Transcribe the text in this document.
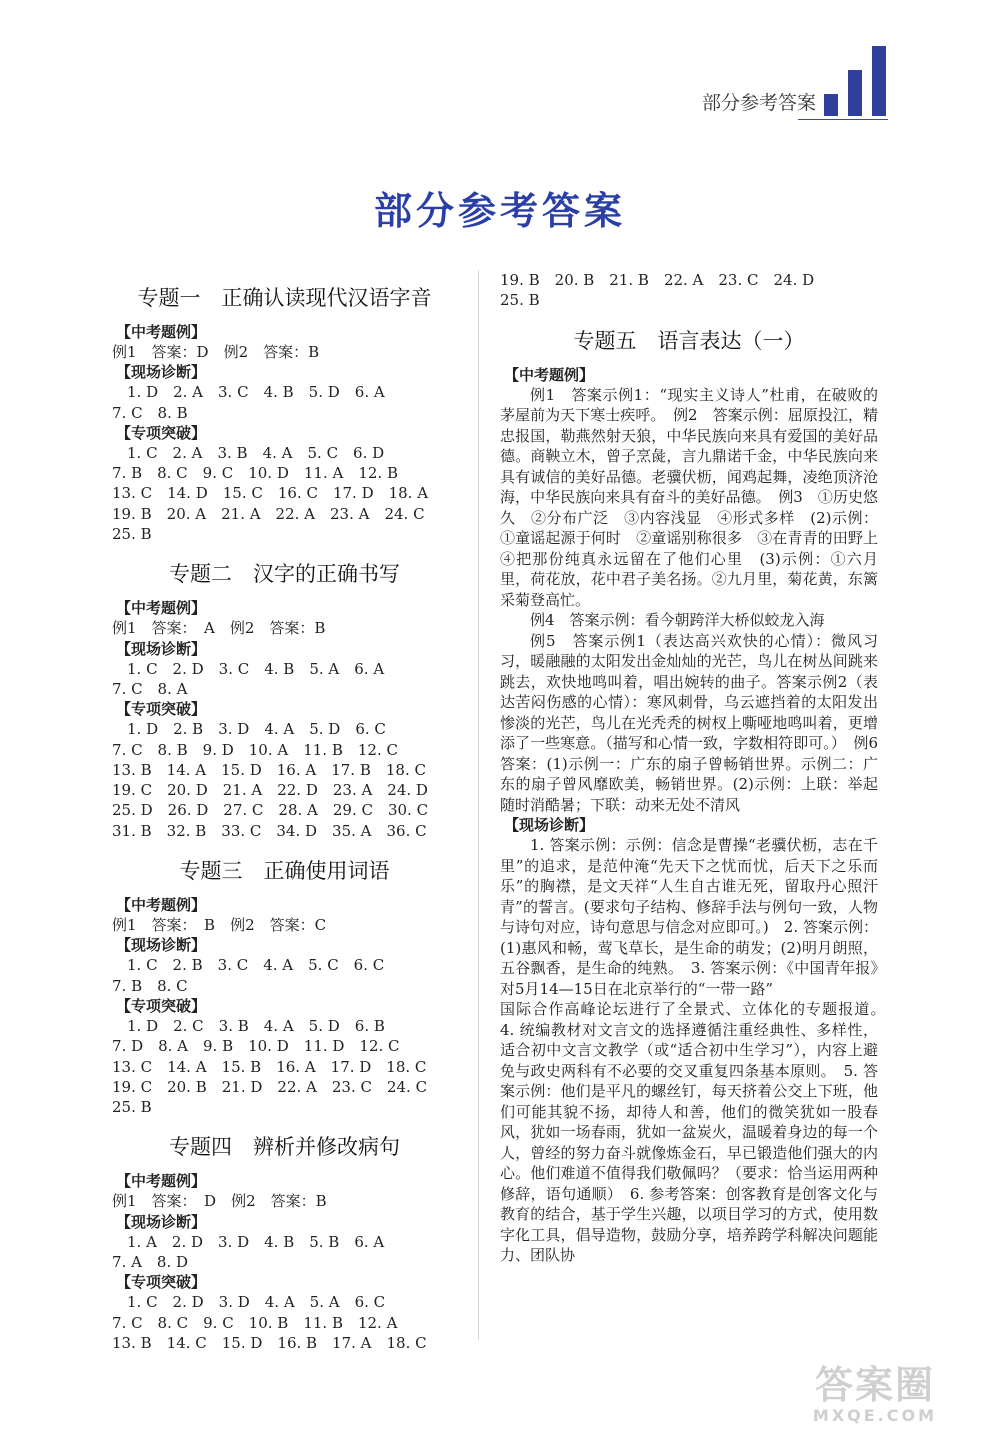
部分参考答案
部分参考答案
专题一　正确认读现代汉语字音
【中考题例】
例1　答案：D　例2　答案：B
【现场诊断】
　1. D　2. A　3. C　4. B　5. D　6. A
7. C　8. B
【专项突破】
　1. C　2. A　3. B　4. A　5. C　6. D
7. B　8. C　9. C　10. D　11. A　12. B
13. C　14. D　15. C　16. C　17. D　18. A
19. B　20. A　21. A　22. A　23. A　24. C
25. B
专题二　汉字的正确书写
【中考题例】
例1　答案：　A　例2　答案：B
【现场诊断】
　1. C　2. D　3. C　4. B　5. A　6. A
7. C　8. A
【专项突破】
　1. D　2. B　3. D　4. A　5. D　6. C
7. C　8. B　9. D　10. A　11. B　12. C
13. B　14. A　15. D　16. A　17. B　18. C
19. C　20. D　21. A　22. D　23. A　24. D
25. D　26. D　27. C　28. A　29. C　30. C
31. B　32. B　33. C　34. D　35. A　36. C
专题三　正确使用词语
【中考题例】
例1　答案：　B　例2　答案：C
【现场诊断】
　1. C　2. B　3. C　4. A　5. C　6. C
7. B　8. C
【专项突破】
　1. D　2. C　3. B　4. A　5. D　6. B
7. D　8. A　9. B　10. D　11. D　12. C
13. C　14. A　15. B　16. A　17. D　18. C
19. C　20. B　21. D　22. A　23. C　24. C
25. B
专题四　辨析并修改病句
【中考题例】
例1　答案：　D　例2　答案：B
【现场诊断】
　1. A　2. D　3. D　4. B　5. B　6. A
7. A　8. D
【专项突破】
　1. C　2. D　3. D　4. A　5. A　6. C
7. C　8. C　9. C　10. B　11. B　12. A
13. B　14. C　15. D　16. B　17. A　18. C
19. B　20. B　21. B　22. A　23. C　24. D
25. B
专题五　语言表达（一）
【中考题例】
例1　答案示例1：“现实主义诗人”杜甫，在破败的茅屋前为天下寒士疾呼。　例2　答案示例：屈原投江，精忠报国，勒燕然射天狼，中华民族向来具有爱国的美好品德。商鞅立木，曾子烹彘，言九鼎诺千金，中华民族向来具有诚信的美好品德。老骥伏枥，闻鸡起舞，凌绝顶济沧海，中华民族向来具有奋斗的美好品德。　例3　①历史悠久　②分布广泛　③内容浅显　④形式多样　(2)示例：①童谣起源于何时　②童谣别称很多　③在青青的田野上　④把那份纯真永远留在了他们心里　(3)示例：①六月里，荷花放，花中君子美名扬。②九月里，菊花黄，东篱采菊登高忙。
例4　答案示例：看今朝跨洋大桥似蛟龙入海
例5　答案示例1（表达高兴欢快的心情）：微风习习，暖融融的太阳发出金灿灿的光芒，鸟儿在树丛间跳来跳去，欢快地鸣叫着，唱出婉转的曲子。答案示例2（表达苦闷伤感的心情）：寒风刺骨，乌云遮挡着的太阳发出惨淡的光芒，鸟儿在光秃秃的树杈上嘶哑地鸣叫着，更增添了一些寒意。（描写和心情一致，字数相符即可。）　例6　答案：(1)示例一：广东的扇子曾畅销世界。示例二：广东的扇子曾风靡欧美，畅销世界。(2)示例：上联：举起随时消酷暑；下联：动来无处不清风
【现场诊断】
1. 答案示例：示例：信念是曹操“老骥伏枥，志在千里”的追求，是范仲淹“先天下之忧而忧，后天下之乐而乐”的胸襟，是文天祥“人生自古谁无死，留取丹心照汗青”的誓言。(要求句子结构、修辞手法与例句一致，人物与诗句对应，诗句意思与信念对应即可。)　2. 答案示例：(1)惠风和畅，莺飞草长，是生命的萌发；(2)明月朗照，五谷飘香，是生命的纯熟。　3. 答案示例：《中国青年报》对5月14—15日在北京举行的“一带一路”
国际合作高峰论坛进行了全景式、立体化的专题报道。　4. 统编教材对文言文的选择遵循注重经典性、多样性，适合初中文言文教学（或“适合初中生学习”），内容上避免与政史两科有不必要的交叉重复四条基本原则。　5. 答案示例：他们是平凡的螺丝钉，每天挤着公交上下班，他们可能其貌不扬，却待人和善，他们的微笑犹如一股春风，犹如一场春雨，犹如一盆炭火，温暖着身边的每一个人，曾经的努力奋斗就像炼金石，早已锻造他们强大的内心。他们难道不值得我们敬佩吗？（要求：恰当运用两种修辞，语句通顺）　6. 参考答案：创客教育是创客文化与教育的结合，基于学生兴趣，以项目学习的方式，使用数字化工具，倡导造物，鼓励分享，培养跨学科解决问题能力、团队协
答案圈
MXQE.COM
